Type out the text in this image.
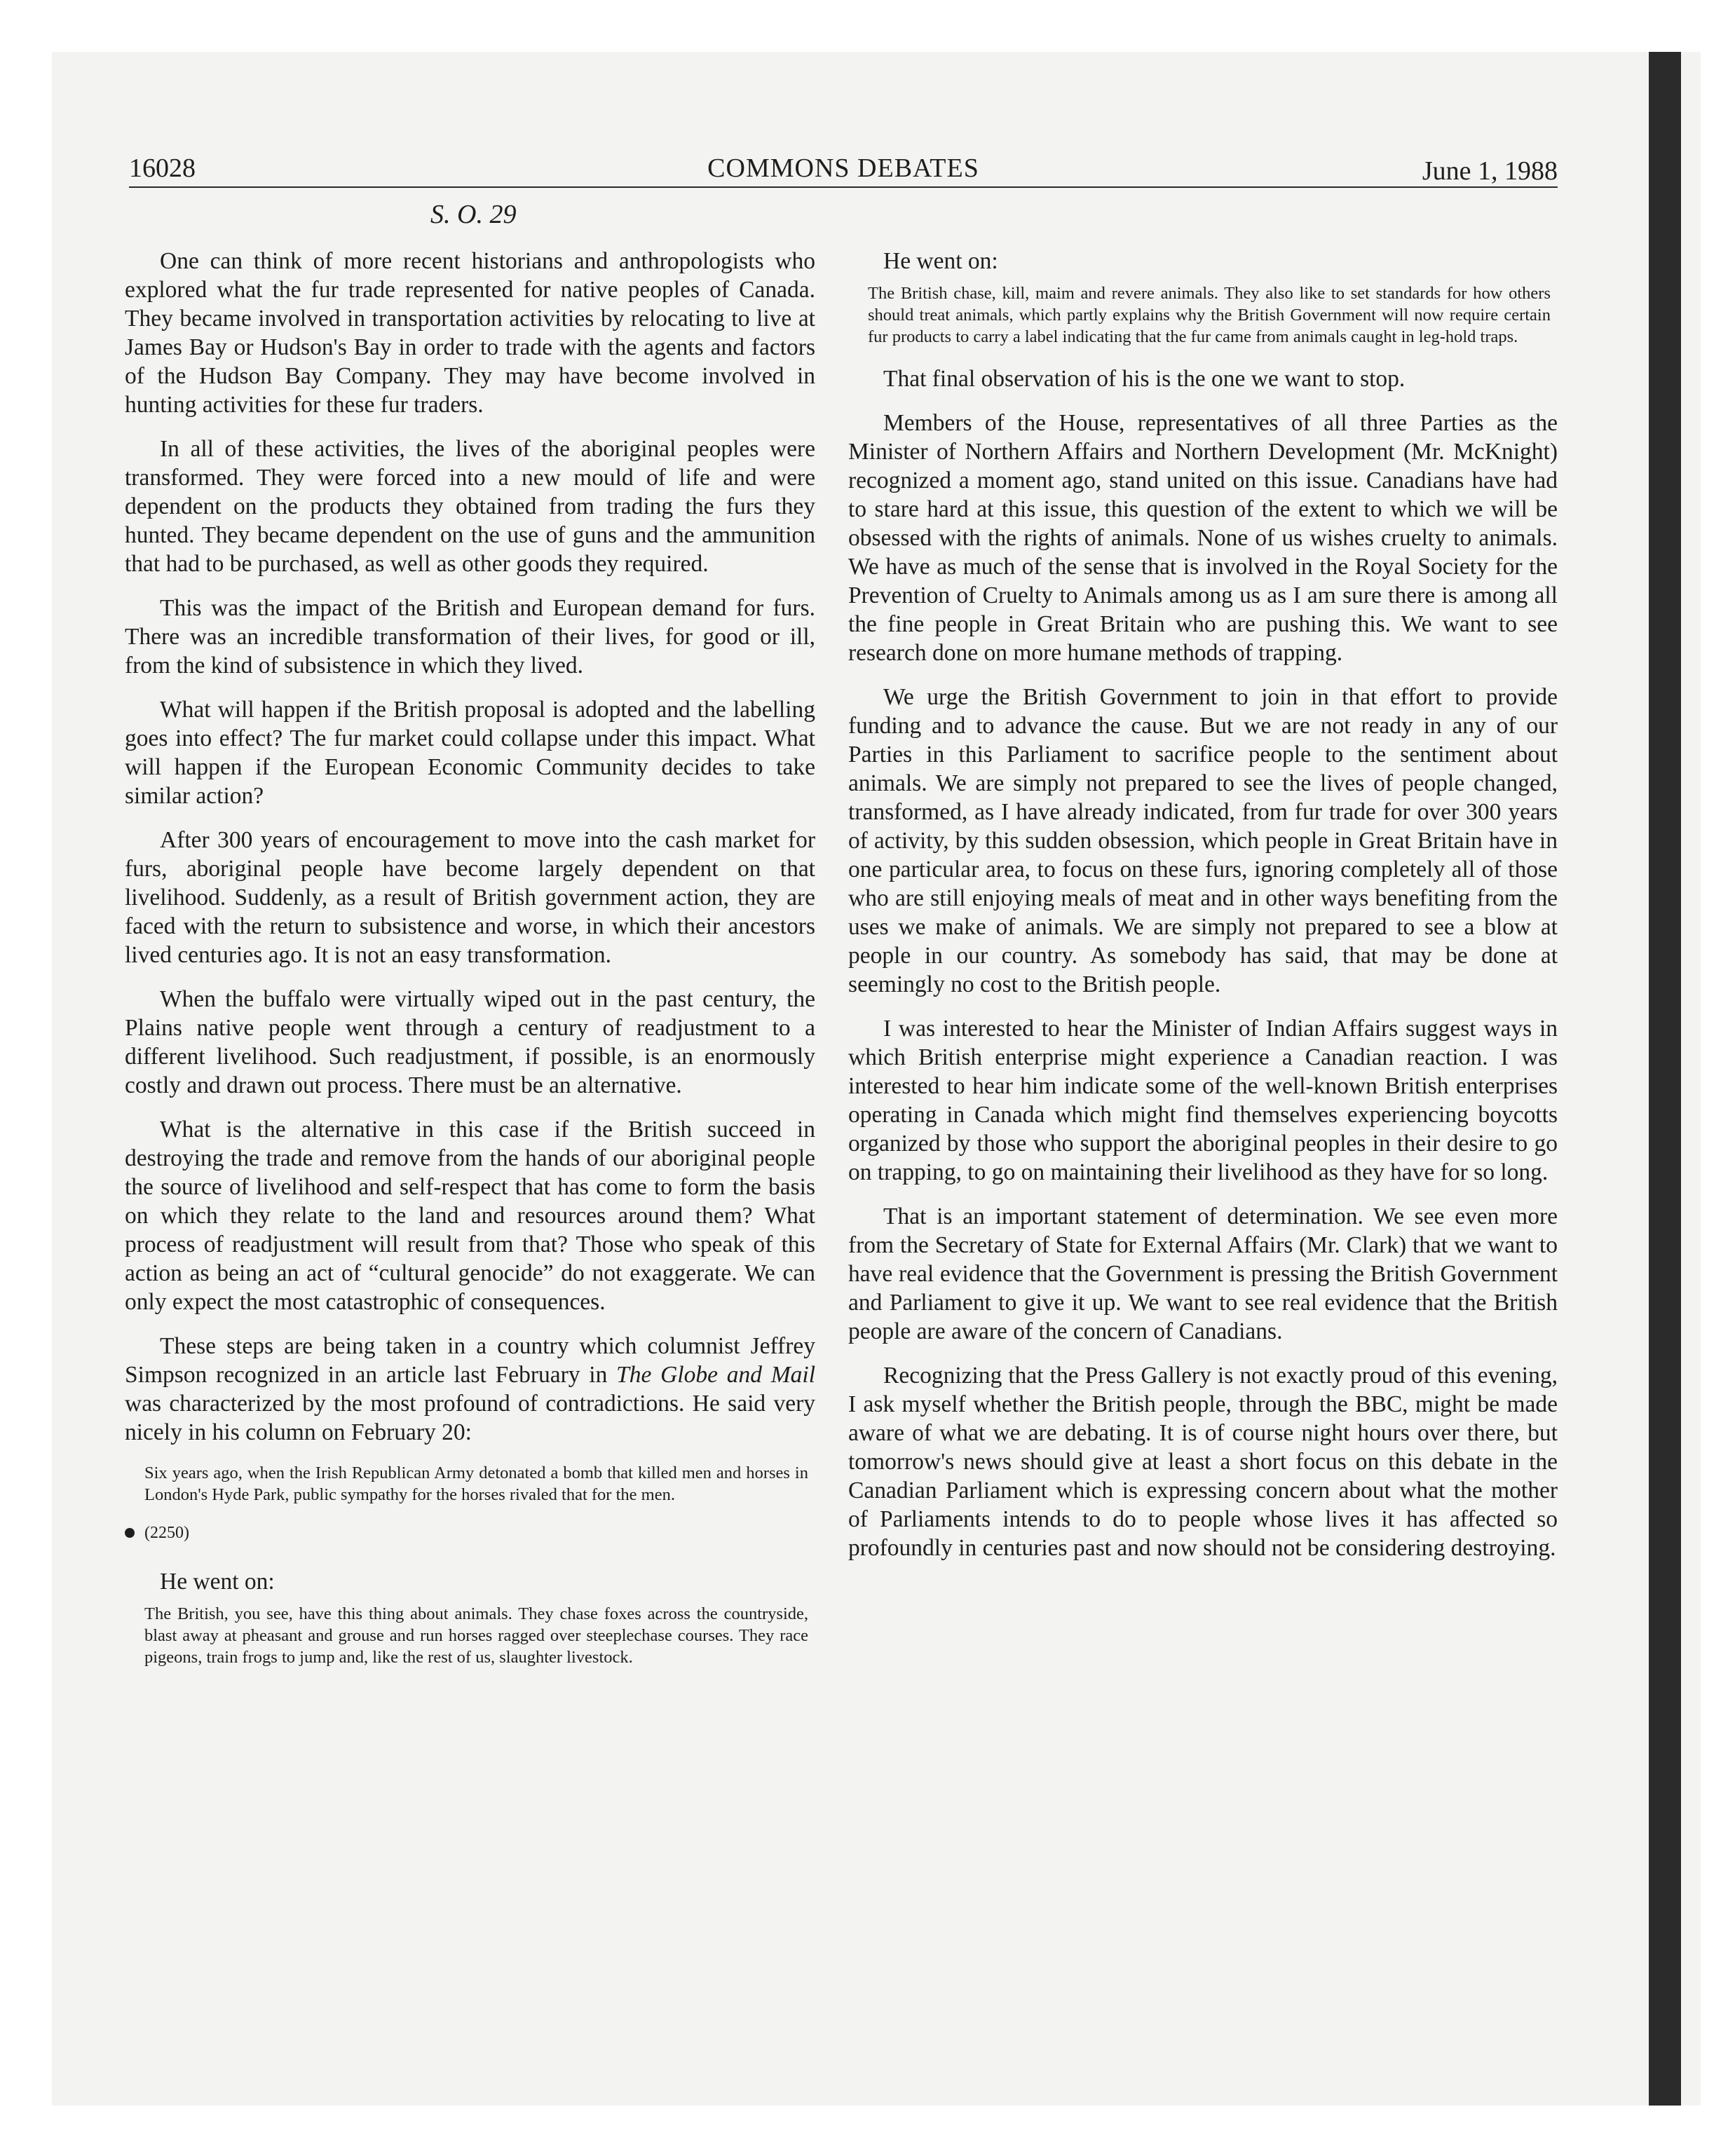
16028	COMMONS DEBATES	June 1, 1988
S. O. 29

One can think of more recent historians and anthropologists who explored what the fur trade represented for native peoples of Canada. They became involved in transportation activities by relocating to live at James Bay or Hudson's Bay in order to trade with the agents and factors of the Hudson Bay Company. They may have become involved in hunting activities for these fur traders.

In all of these activities, the lives of the aboriginal peoples were transformed. They were forced into a new mould of life and were dependent on the products they obtained from trading the furs they hunted. They became dependent on the use of guns and the ammunition that had to be purchased, as well as other goods they required.

This was the impact of the British and European demand for furs. There was an incredible transformation of their lives, for good or ill, from the kind of subsistence in which they lived.

What will happen if the British proposal is adopted and the labelling goes into effect? The fur market could collapse under this impact. What will happen if the European Economic Community decides to take similar action?

After 300 years of encouragement to move into the cash market for furs, aboriginal people have become largely dependent on that livelihood. Suddenly, as a result of British government action, they are faced with the return to subsistence and worse, in which their ancestors lived centuries ago. It is not an easy transformation.

When the buffalo were virtually wiped out in the past century, the Plains native people went through a century of readjustment to a different livelihood. Such readjustment, if possible, is an enormously costly and drawn out process. There must be an alternative.

What is the alternative in this case if the British succeed in destroying the trade and remove from the hands of our aboriginal people the source of livelihood and self-respect that has come to form the basis on which they relate to the land and resources around them? What process of readjustment will result from that? Those who speak of this action as being an act of “cultural genocide” do not exaggerate. We can only expect the most catastrophic of consequences.

These steps are being taken in a country which columnist Jeffrey Simpson recognized in an article last February in The Globe and Mail was characterized by the most profound of contradictions. He said very nicely in his column on February 20:

Six years ago, when the Irish Republican Army detonated a bomb that killed men and horses in London's Hyde Park, public sympathy for the horses rivaled that for the men.
(2250)

He went on:

The British, you see, have this thing about animals. They chase foxes across the countryside, blast away at pheasant and grouse and run horses ragged over steeplechase courses. They race pigeons, train frogs to jump and, like the rest of us, slaughter livestock.

He went on:

The British chase, kill, maim and revere animals. They also like to set standards for how others should treat animals, which partly explains why the British Government will now require certain fur products to carry a label indicating that the fur came from animals caught in leg-hold traps.

That final observation of his is the one we want to stop.

Members of the House, representatives of all three Parties as the Minister of Northern Affairs and Northern Development (Mr. McKnight) recognized a moment ago, stand united on this issue. Canadians have had to stare hard at this issue, this question of the extent to which we will be obsessed with the rights of animals. None of us wishes cruelty to animals. We have as much of the sense that is involved in the Royal Society for the Prevention of Cruelty to Animals among us as I am sure there is among all the fine people in Great Britain who are pushing this. We want to see research done on more humane methods of trapping.

We urge the British Government to join in that effort to provide funding and to advance the cause. But we are not ready in any of our Parties in this Parliament to sacrifice people to the sentiment about animals. We are simply not prepared to see the lives of people changed, transformed, as I have already indicated, from fur trade for over 300 years of activity, by this sudden obsession, which people in Great Britain have in one particular area, to focus on these furs, ignoring completely all of those who are still enjoying meals of meat and in other ways benefiting from the uses we make of animals. We are simply not prepared to see a blow at people in our country. As somebody has said, that may be done at seemingly no cost to the British people.

I was interested to hear the Minister of Indian Affairs suggest ways in which British enterprise might experience a Canadian reaction. I was interested to hear him indicate some of the well-known British enterprises operating in Canada which might find themselves experiencing boycotts organized by those who support the aboriginal peoples in their desire to go on trapping, to go on maintaining their livelihood as they have for so long.

That is an important statement of determination. We see even more from the Secretary of State for External Affairs (Mr. Clark) that we want to have real evidence that the Government is pressing the British Government and Parliament to give it up. We want to see real evidence that the British people are aware of the concern of Canadians.

Recognizing that the Press Gallery is not exactly proud of this evening, I ask myself whether the British people, through the BBC, might be made aware of what we are debating. It is of course night hours over there, but tomorrow's news should give at least a short focus on this debate in the Canadian Parliament which is expressing concern about what the mother of Parliaments intends to do to people whose lives it has affected so profoundly in centuries past and now should not be considering destroying.
